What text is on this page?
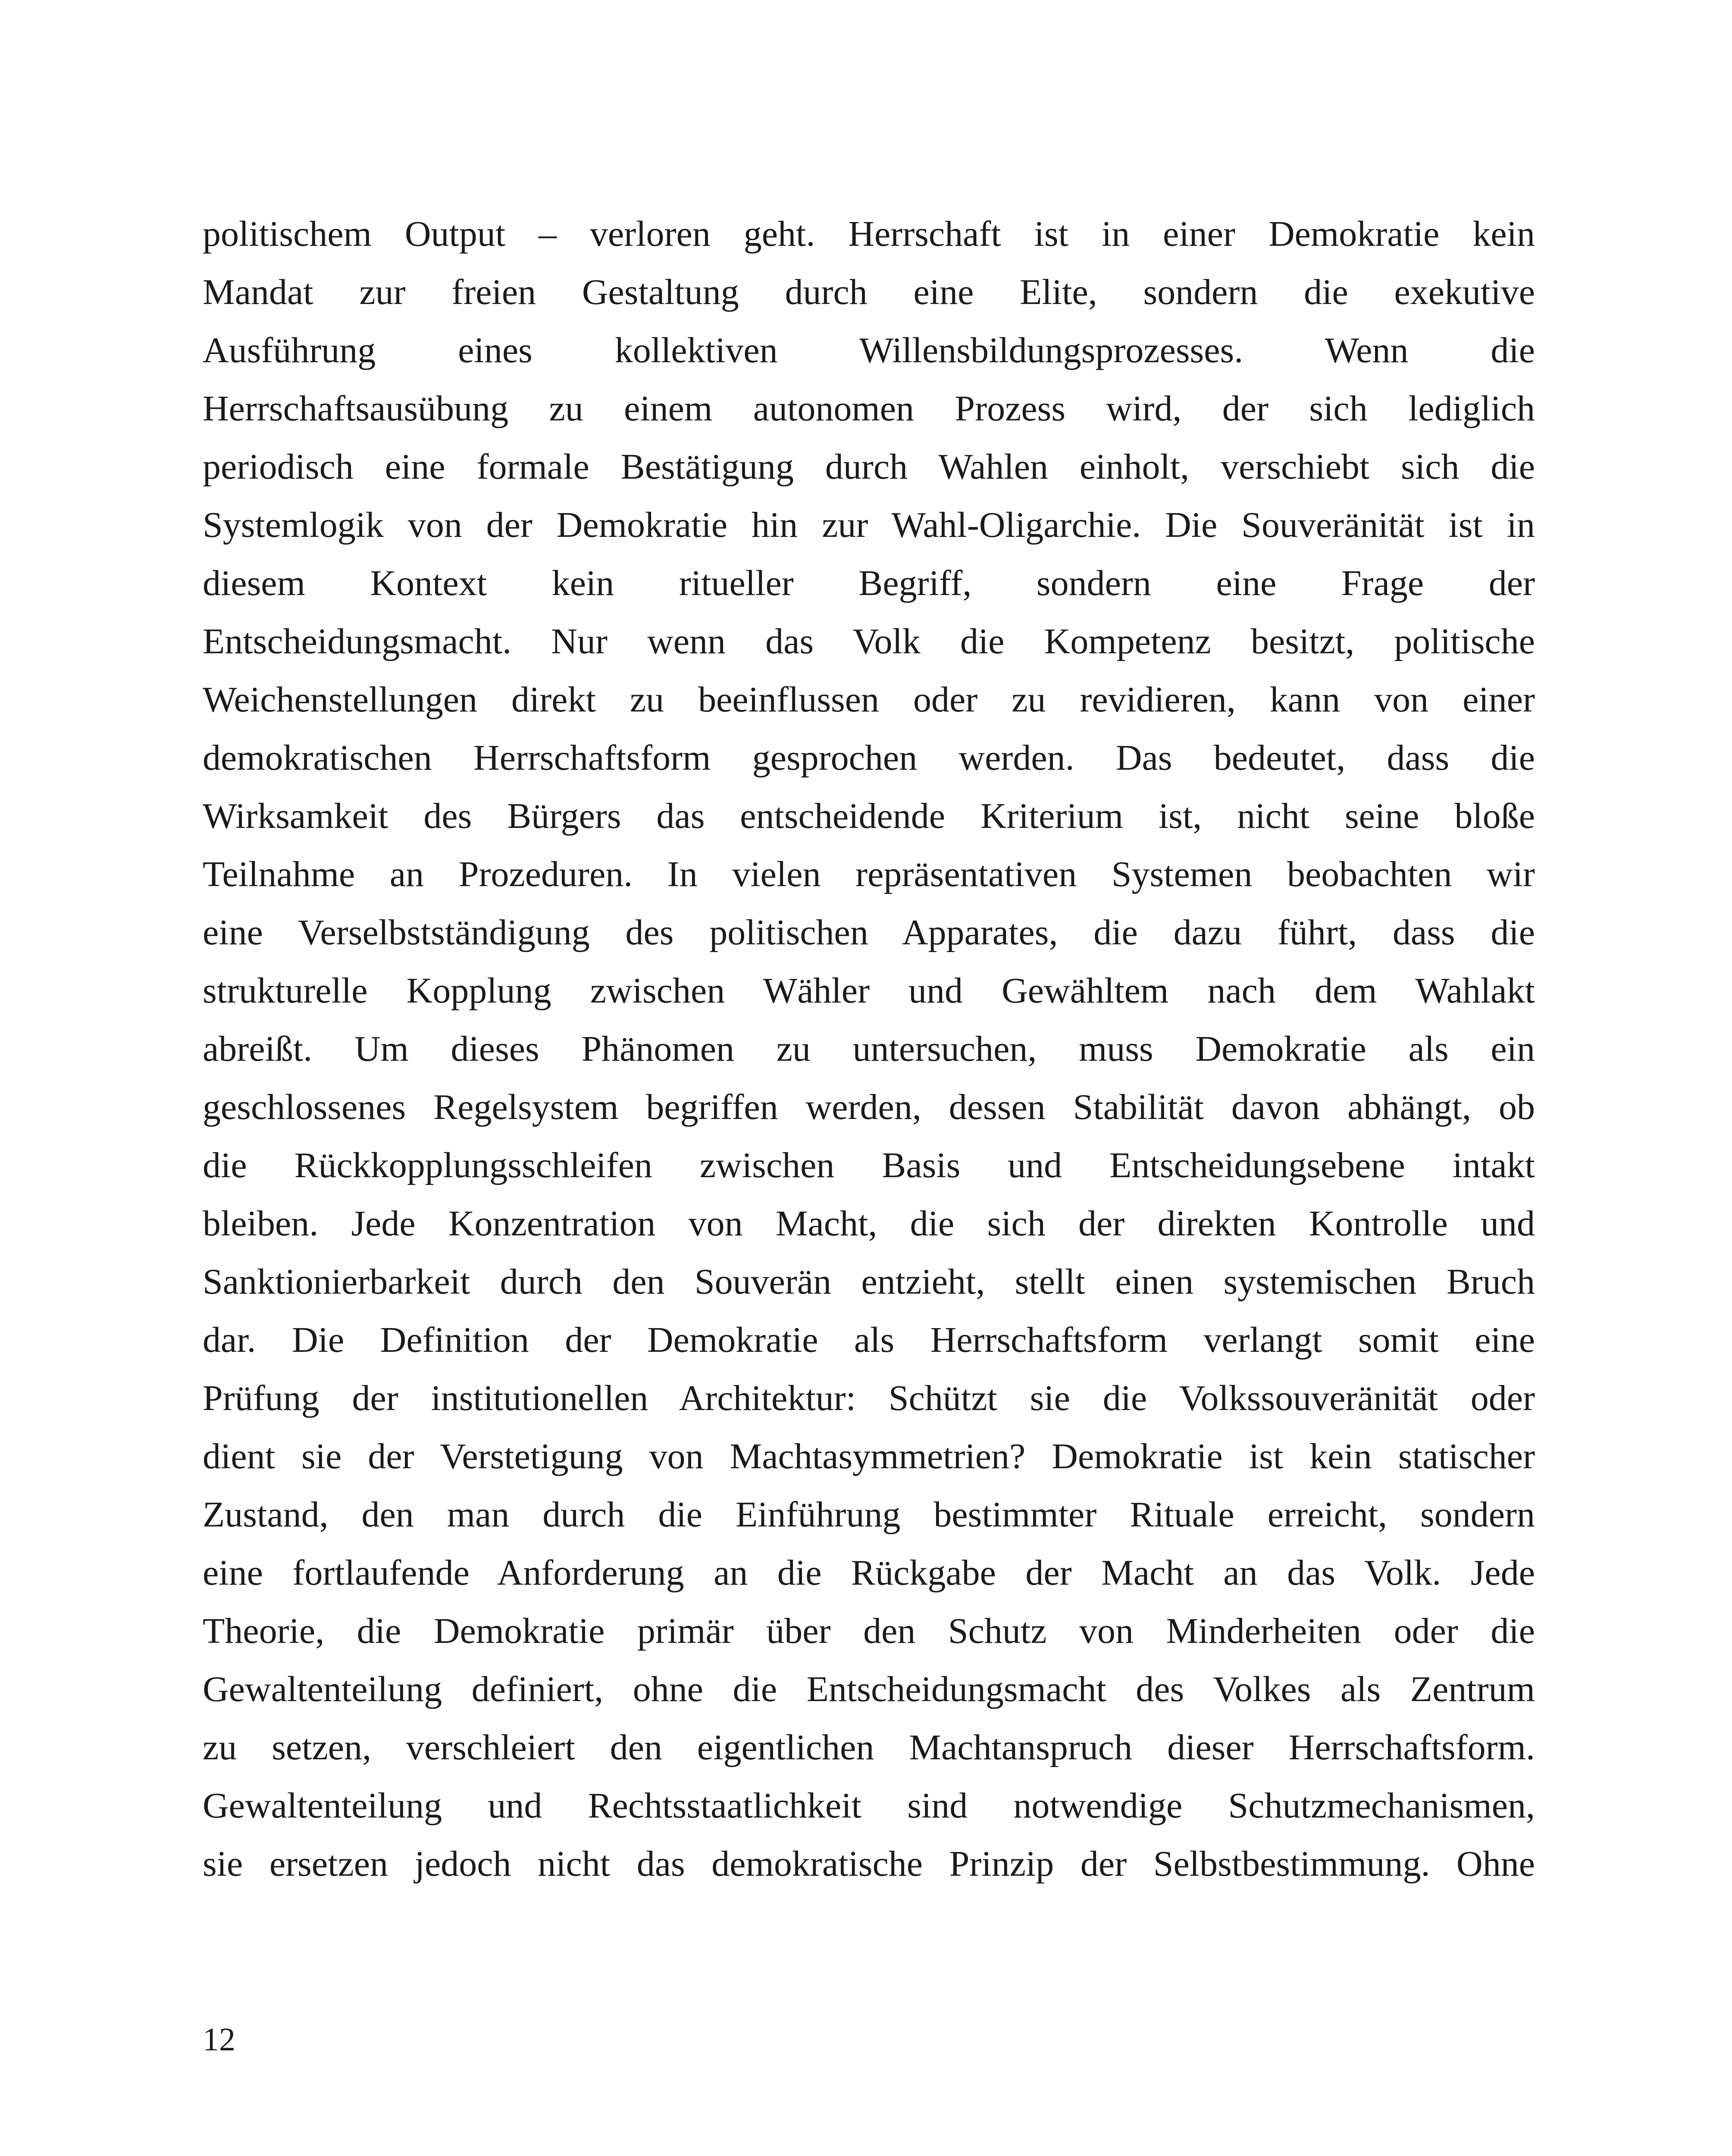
politischem Output – verloren geht. Herrschaft ist in einer Demokratie kein
Mandat zur freien Gestaltung durch eine Elite, sondern die exekutive
Ausführung eines kollektiven Willensbildungsprozesses. Wenn die
Herrschaftsausübung zu einem autonomen Prozess wird, der sich lediglich
periodisch eine formale Bestätigung durch Wahlen einholt, verschiebt sich die
Systemlogik von der Demokratie hin zur Wahl-Oligarchie. Die Souveränität ist in
diesem Kontext kein ritueller Begriff, sondern eine Frage der
Entscheidungsmacht. Nur wenn das Volk die Kompetenz besitzt, politische
Weichenstellungen direkt zu beeinflussen oder zu revidieren, kann von einer
demokratischen Herrschaftsform gesprochen werden. Das bedeutet, dass die
Wirksamkeit des Bürgers das entscheidende Kriterium ist, nicht seine bloße
Teilnahme an Prozeduren. In vielen repräsentativen Systemen beobachten wir
eine Verselbstständigung des politischen Apparates, die dazu führt, dass die
strukturelle Kopplung zwischen Wähler und Gewähltem nach dem Wahlakt
abreißt. Um dieses Phänomen zu untersuchen, muss Demokratie als ein
geschlossenes Regelsystem begriffen werden, dessen Stabilität davon abhängt, ob
die Rückkopplungsschleifen zwischen Basis und Entscheidungsebene intakt
bleiben. Jede Konzentration von Macht, die sich der direkten Kontrolle und
Sanktionierbarkeit durch den Souverän entzieht, stellt einen systemischen Bruch
dar. Die Definition der Demokratie als Herrschaftsform verlangt somit eine
Prüfung der institutionellen Architektur: Schützt sie die Volkssouveränität oder
dient sie der Verstetigung von Machtasymmetrien? Demokratie ist kein statischer
Zustand, den man durch die Einführung bestimmter Rituale erreicht, sondern
eine fortlaufende Anforderung an die Rückgabe der Macht an das Volk. Jede
Theorie, die Demokratie primär über den Schutz von Minderheiten oder die
Gewaltenteilung definiert, ohne die Entscheidungsmacht des Volkes als Zentrum
zu setzen, verschleiert den eigentlichen Machtanspruch dieser Herrschaftsform.
Gewaltenteilung und Rechtsstaatlichkeit sind notwendige Schutzmechanismen,
sie ersetzen jedoch nicht das demokratische Prinzip der Selbstbestimmung. Ohne
12
